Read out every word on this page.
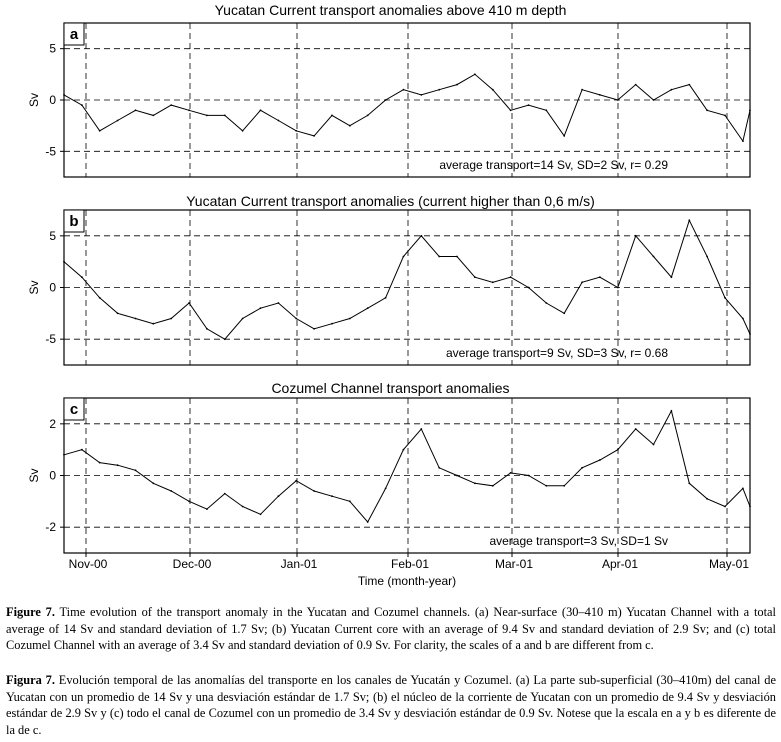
Yucatan Current transport anomalies above 410 m depth
Yucatan Current transport anomalies (current higher than 0,6 m/s)
Cozumel Channel transport anomalies
-5
0
5
Sv
a
average transport=14 Sv, SD=2 Sv, r= 0.29
-5
0
5
Sv
b
average transport=9 Sv, SD=3 Sv, r= 0.68
-2
0
2
Sv
c
average transport=3 Sv, SD=1 Sv
Nov-00	Dec-00	Jan-01	Feb-01	Mar-01	Apr-01	May-01
Time (month-year)

Figure 7. Time evolution of the transport anomaly in the Yucatan and Cozumel channels. (a) Near-surface (30–410 m) Yucatan Channel with a total average of 14 Sv and standard deviation of 1.7 Sv; (b) Yucatan Current core with an average of 9.4 Sv and standard deviation of 2.9 Sv; and (c) total Cozumel Channel with an average of 3.4 Sv and standard deviation of 0.9 Sv. For clarity, the scales of a and b are different from c.

Figura 7. Evolución temporal de las anomalías del transporte en los canales de Yucatán y Cozumel. (a) La parte sub-superficial (30–410m) del canal de Yucatan con un promedio de 14 Sv y una desviación estándar de 1.7 Sv; (b) el núcleo de la corriente de Yucatan con un promedio de 9.4 Sv y desviación estándar de 2.9 Sv y (c) todo el canal de Cozumel con un promedio de 3.4 Sv y desviación estándar de 0.9 Sv. Notese que la escala en a y b es diferente de la de c.
